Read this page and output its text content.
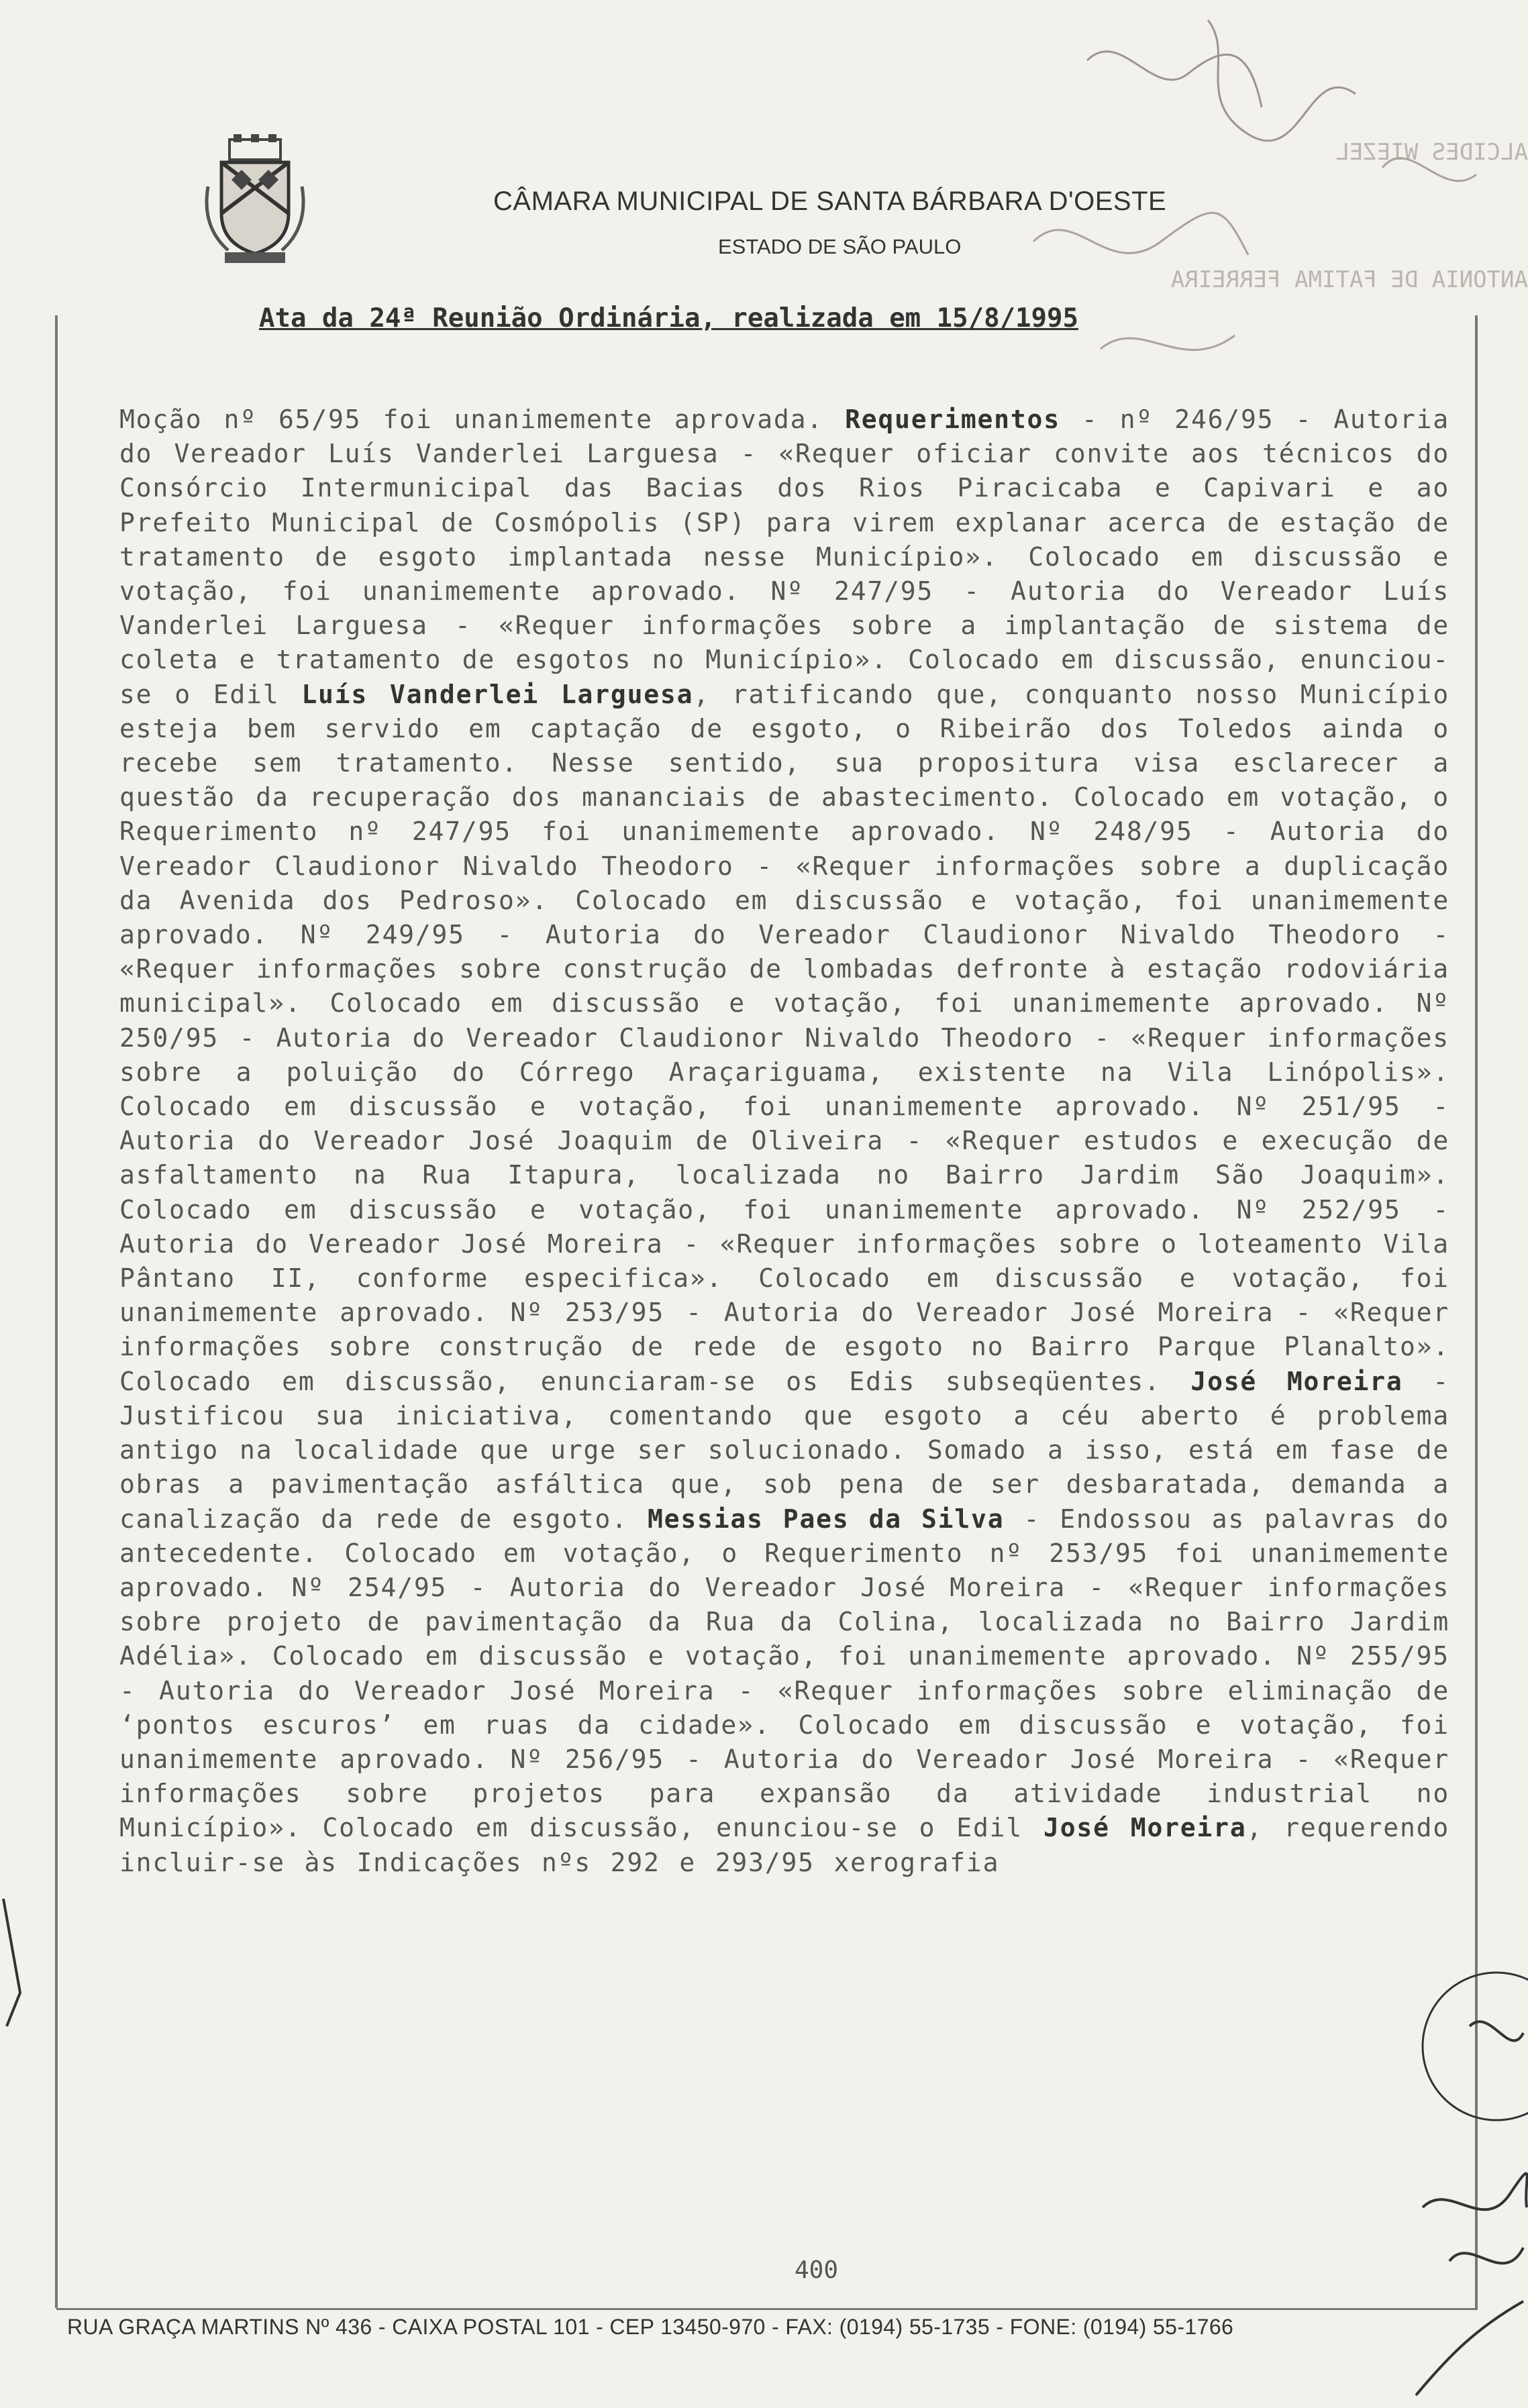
ALCIDES WIEZEL
ANTONIA DE FATIMA FERREIRA
CÂMARA MUNICIPAL DE SANTA BÁRBARA D'OESTE
ESTADO DE SÃO PAULO
Ata da 24ª Reunião Ordinária, realizada em 15/8/1995
Moção nº 65/95 foi unanimemente aprovada. Requerimentos - nº 246/95 - Autoria do Vereador Luís Vanderlei Larguesa - «Requer oficiar convite aos técnicos do Consórcio Intermunicipal das Bacias dos Rios Piracicaba e Capivari e ao Prefeito Municipal de Cosmópolis (SP) para virem explanar acerca de estação de tratamento de esgoto implantada nesse Município». Colocado em discussão e votação, foi unanimemente aprovado. Nº 247/95 - Autoria do Vereador Luís Vanderlei Larguesa - «Requer informações sobre a implantação de sistema de coleta e tratamento de esgotos no Município». Colocado em discussão, enunciou-se o Edil Luís Vanderlei Larguesa, ratificando que, conquanto nosso Município esteja bem servido em captação de esgoto, o Ribeirão dos Toledos ainda o recebe sem tratamento. Nesse sentido, sua propositura visa esclarecer a questão da recuperação dos mananciais de abastecimento. Colocado em votação, o Requerimento nº 247/95 foi unanimemente aprovado. Nº 248/95 - Autoria do Vereador Claudionor Nivaldo Theodoro - «Requer informações sobre a duplicação da Avenida dos Pedroso». Colocado em discussão e votação, foi unanimemente aprovado. Nº 249/95 - Autoria do Vereador Claudionor Nivaldo Theodoro - «Requer informações sobre construção de lombadas defronte à estação rodoviária municipal». Colocado em discussão e votação, foi unanimemente aprovado. Nº 250/95 - Autoria do Vereador Claudionor Nivaldo Theodoro - «Requer informações sobre a poluição do Córrego Araçariguama, existente na Vila Linópolis». Colocado em discussão e votação, foi unanimemente aprovado. Nº 251/95 - Autoria do Vereador José Joaquim de Oliveira - «Requer estudos e execução de asfaltamento na Rua Itapura, localizada no Bairro Jardim São Joaquim». Colocado em discussão e votação, foi unanimemente aprovado. Nº 252/95 - Autoria do Vereador José Moreira - «Requer informações sobre o loteamento Vila Pântano II, conforme especifica». Colocado em discussão e votação, foi unanimemente aprovado. Nº 253/95 - Autoria do Vereador José Moreira - «Requer informações sobre construção de rede de esgoto no Bairro Parque Planalto». Colocado em discussão, enunciaram-se os Edis subseqüentes. José Moreira - Justificou sua iniciativa, comentando que esgoto a céu aberto é problema antigo na localidade que urge ser solucionado. Somado a isso, está em fase de obras a pavimentação asfáltica que, sob pena de ser desbaratada, demanda a canalização da rede de esgoto. Messias Paes da Silva - Endossou as palavras do antecedente. Colocado em votação, o Requerimento nº 253/95 foi unanimemente aprovado. Nº 254/95 - Autoria do Vereador José Moreira - «Requer informações sobre projeto de pavimentação da Rua da Colina, localizada no Bairro Jardim Adélia». Colocado em discussão e votação, foi unanimemente aprovado. Nº 255/95 - Autoria do Vereador José Moreira - «Requer informações sobre eliminação de ‘pontos escuros’ em ruas da cidade». Colocado em discussão e votação, foi unanimemente aprovado. Nº 256/95 - Autoria do Vereador José Moreira - «Requer informações sobre projetos para expansão da atividade industrial no Município». Colocado em discussão, enunciou-se o Edil José Moreira, requerendo incluir-se às Indicações nºs 292 e 293/95 xerografia
400
RUA GRAÇA MARTINS Nº 436 - CAIXA POSTAL 101 - CEP 13450-970 - FAX: (0194) 55-1735 - FONE: (0194) 55-1766
